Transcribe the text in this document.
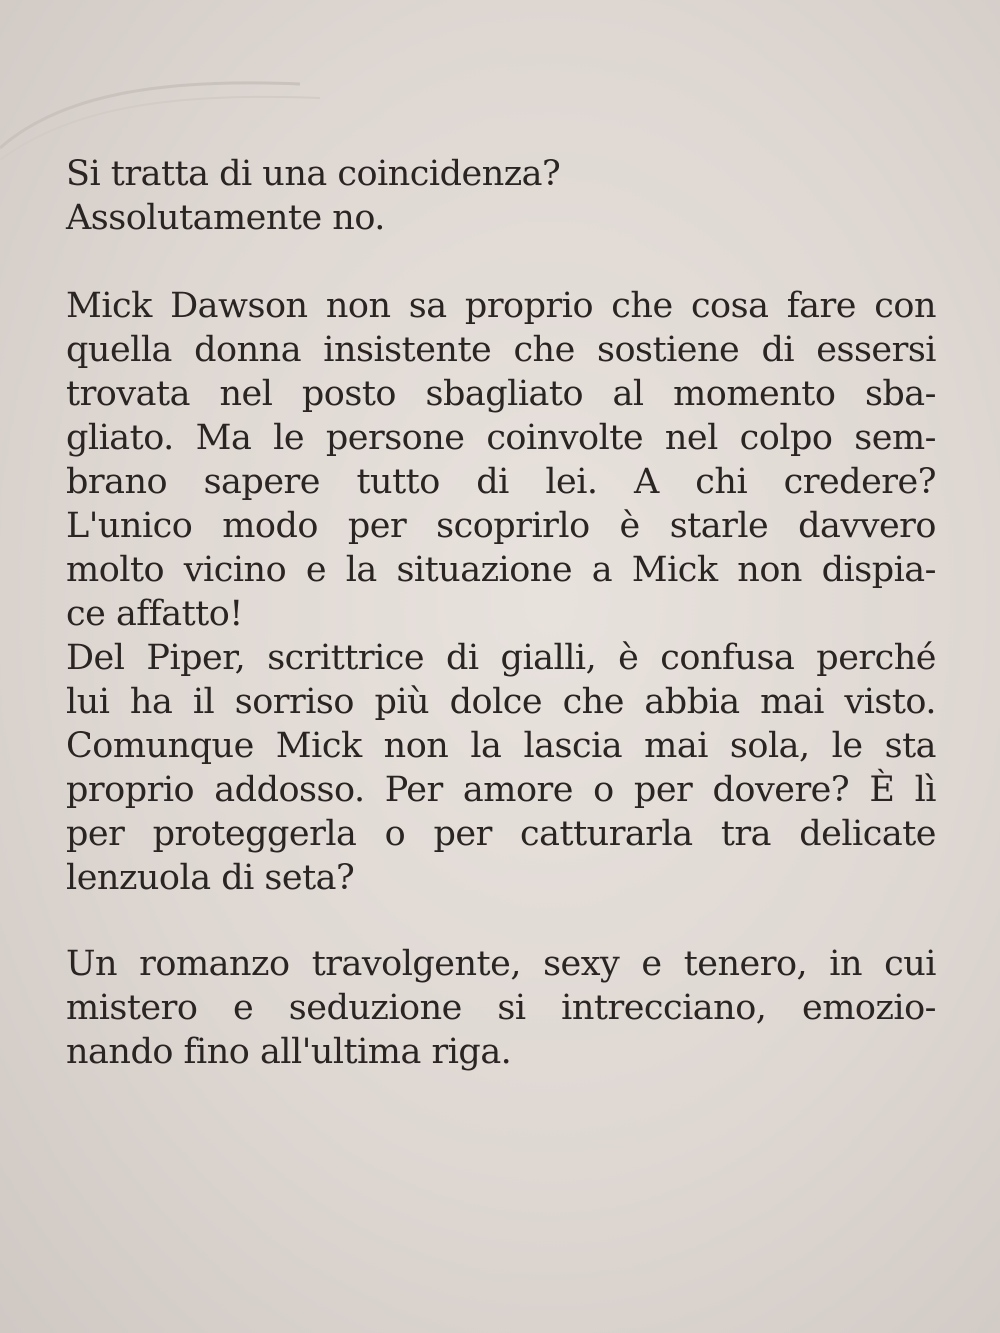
Si tratta di una coincidenza?
Assolutamente no.
Mick Dawson non sa proprio che cosa fare con
quella donna insistente che sostiene di essersi
trovata nel posto sbagliato al momento sba-
gliato. Ma le persone coinvolte nel colpo sem-
brano sapere tutto di lei. A chi credere?
L'unico modo per scoprirlo è starle davvero
molto vicino e la situazione a Mick non dispia-
ce affatto!
Del Piper, scrittrice di gialli, è confusa perché
lui ha il sorriso più dolce che abbia mai visto.
Comunque Mick non la lascia mai sola, le sta
proprio addosso. Per amore o per dovere? È lì
per proteggerla o per catturarla tra delicate
lenzuola di seta?
Un romanzo travolgente, sexy e tenero, in cui
mistero e seduzione si intrecciano, emozio-
nando fino all'ultima riga.
